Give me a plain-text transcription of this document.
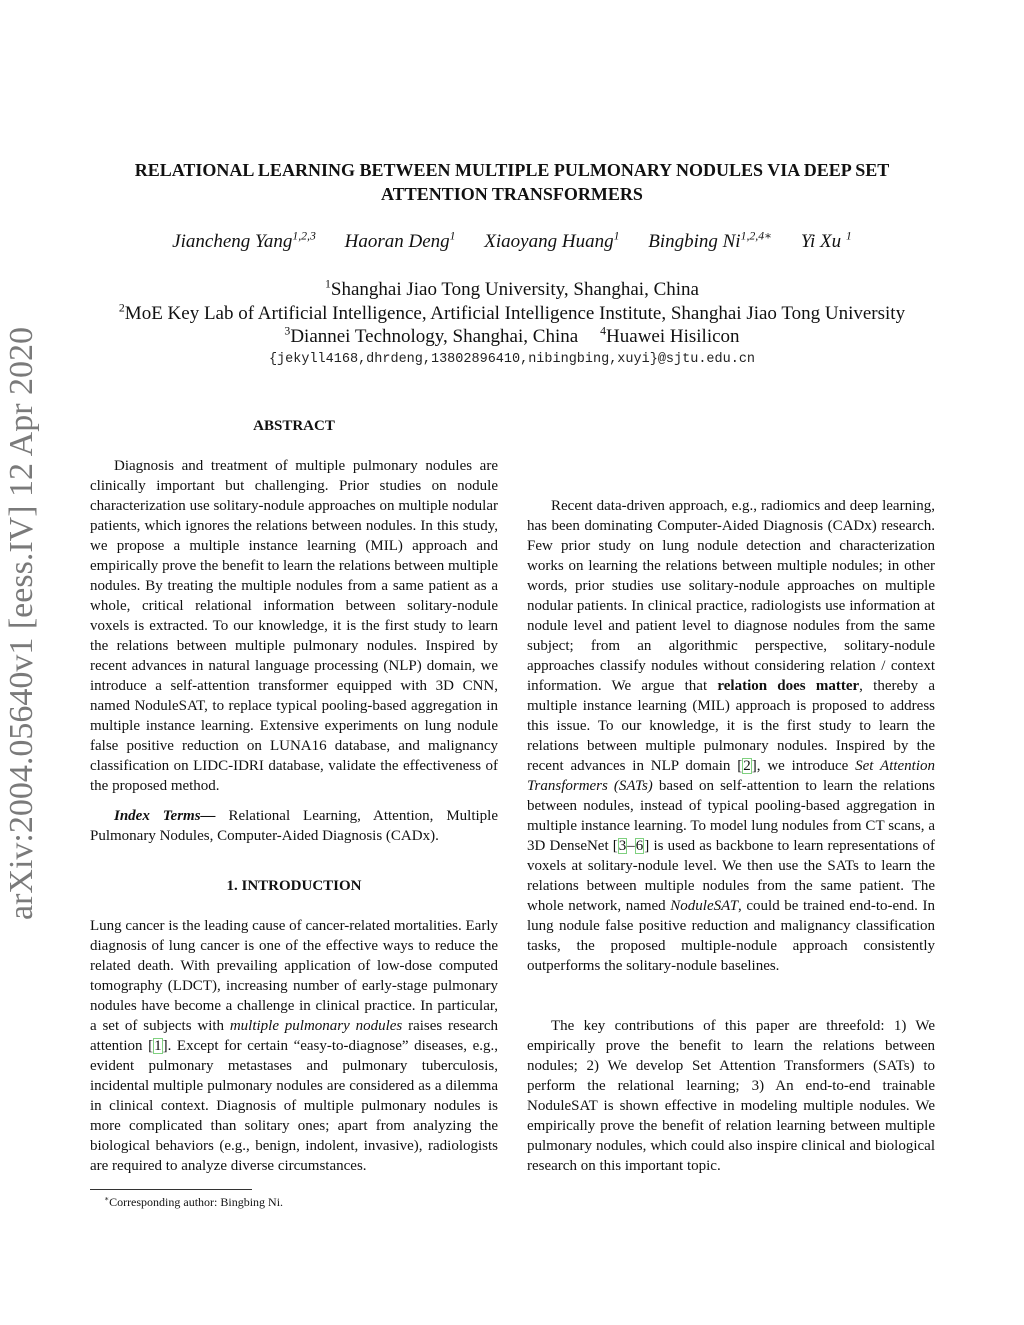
arXiv:2004.05640v1 [eess.IV] 12 Apr 2020
RELATIONAL LEARNING BETWEEN MULTIPLE PULMONARY NODULES VIA DEEP SET
ATTENTION TRANSFORMERS
Jiancheng Yang$^{1,2,3}$ Haoran Deng$^1$ Xiaoyang Huang$^1$ Bingbing $Ni^{1,2,4∗}$ Yi Xu $^1$
$^1$Shanghai Jiao Tong University, Shanghai, China
$^2$MoE Key Lab of Artificial Intelligence, Artificial Intelligence Institute, Shanghai Jiao Tong University
$^3$Diannei Technology, Shanghai, China $^4$Huawei Hisilicon
{jekyll4168,dhrdeng,13802896410,nibingbing,xuyi}@sjtu.edu.cn
ABSTRACT

Diagnosis and treatment of multiple pulmonary nodules are clinically important but challenging. Prior studies on nodule characterization use solitary-nodule approaches on multiple nodular patients, which ignores the relations between nodules. In this study, we propose a multiple instance learning (MIL) approach and empirically prove the benefit to learn the relations between multiple nodules. By treating the multiple nodules from a same patient as a whole, critical relational information between solitary-nodule voxels is extracted. To our knowledge, it is the first study to learn the relations between multiple pulmonary nodules. Inspired by recent advances in natural language processing (NLP) domain, we introduce a self-attention transformer equipped with 3D CNN, named NoduleSAT, to replace typical pooling-based aggregation in multiple instance learning. Extensive experiments on lung nodule false positive reduction on LUNA16 database, and malignancy classification on LIDC-IDRI database, validate the effectiveness of the proposed method.

Index Terms— Relational Learning, Attention, Multiple Pulmonary Nodules, Computer-Aided Diagnosis (CADx).

1. INTRODUCTION

Lung cancer is the leading cause of cancer-related mortalities. Early diagnosis of lung cancer is one of the effective ways to reduce the related death. With prevailing application of low-dose computed tomography (LDCT), increasing number of early-stage pulmonary nodules have become a challenge in clinical practice. In particular, a set of subjects with multiple pulmonary nodules raises research attention [1]. Except for certain “easy-to-diagnose” diseases, e.g., evident pulmonary metastases and pulmonary tuberculosis, incidental multiple pulmonary nodules are considered as a dilemma in clinical context. Diagnosis of multiple pulmonary nodules is more complicated than solitary ones; apart from analyzing the biological behaviors (e.g., benign, indolent, invasive), radiologists are required to analyze diverse circumstances.

∗Corresponding author: Bingbing Ni.

Recent data-driven approach, e.g., radiomics and deep learning, has been dominating Computer-Aided Diagnosis (CADx) research. Few prior study on lung nodule detection and characterization works on learning the relations between multiple nodules; in other words, prior studies use solitary-nodule approaches on multiple nodular patients. In clinical practice, radiologists use information at nodule level and patient level to diagnose nodules from the same subject; from an algorithmic perspective, solitary-nodule approaches classify nodules without considering relation / context information. We argue that relation does matter, thereby a multiple instance learning (MIL) approach is proposed to address this issue. To our knowledge, it is the first study to learn the relations between multiple pulmonary nodules. Inspired by the recent advances in NLP domain [2], we introduce Set Attention Transformers (SATs) based on self-attention to learn the relations between nodules, instead of typical pooling-based aggregation in multiple instance learning. To model lung nodules from CT scans, a 3D DenseNet [3–6] is used as backbone to learn representations of voxels at solitary-nodule level. We then use the SATs to learn the relations between multiple nodules from the same patient. The whole network, named NoduleSAT, could be trained end-to-end. In lung nodule false positive reduction and malignancy classification tasks, the proposed multiple-nodule approach consistently outperforms the solitary-nodule baselines.

The key contributions of this paper are threefold: 1) We empirically prove the benefit to learn the relations between nodules; 2) We develop Set Attention Transformers (SATs) to perform the relational learning; 3) An end-to-end trainable NoduleSAT is shown effective in modeling multiple nodules. We empirically prove the benefit of relation learning between multiple pulmonary nodules, which could also inspire clinical and biological research on this important topic.
